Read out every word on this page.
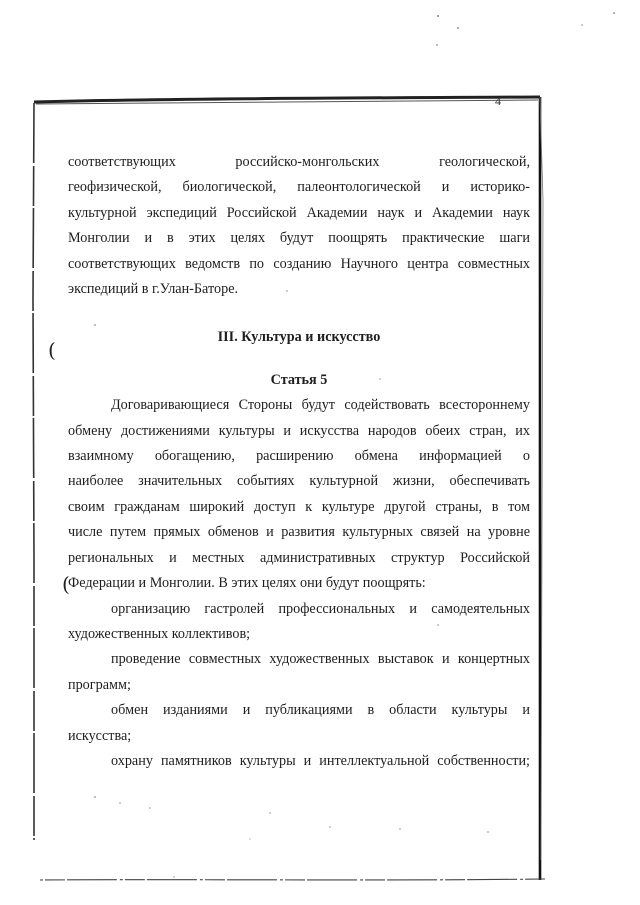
4
(
(

соответствующих российско-монгольских геологической,

геофизической, биологической, палеонтологической и историко-

культурной экспедиций Российской Академии наук и Академии наук

Монголии и в этих целях будут поощрять практические шаги

соответствующих ведомств по созданию Научного центра совместных

экспедиций в г.Улан-Баторе.

III. Культура и искусство

Статья 5

Договаривающиеся Стороны будут содействовать всестороннему

обмену достижениями культуры и искусства народов обеих стран, их

взаимному обогащению, расширению обмена информацией о

наиболее значительных событиях культурной жизни, обеспечивать

своим гражданам широкий доступ к культуре другой страны, в том

числе путем прямых обменов и развития культурных связей на уровне

региональных и местных административных структур Российской

Федерации и Монголии. В этих целях они будут поощрять:

организацию гастролей профессиональных и самодеятельных

художественных коллективов;

проведение совместных художественных выставок и концертных

программ;

обмен изданиями и публикациями в области культуры и

искусства;

охрану памятников культуры и интеллектуальной собственности;
